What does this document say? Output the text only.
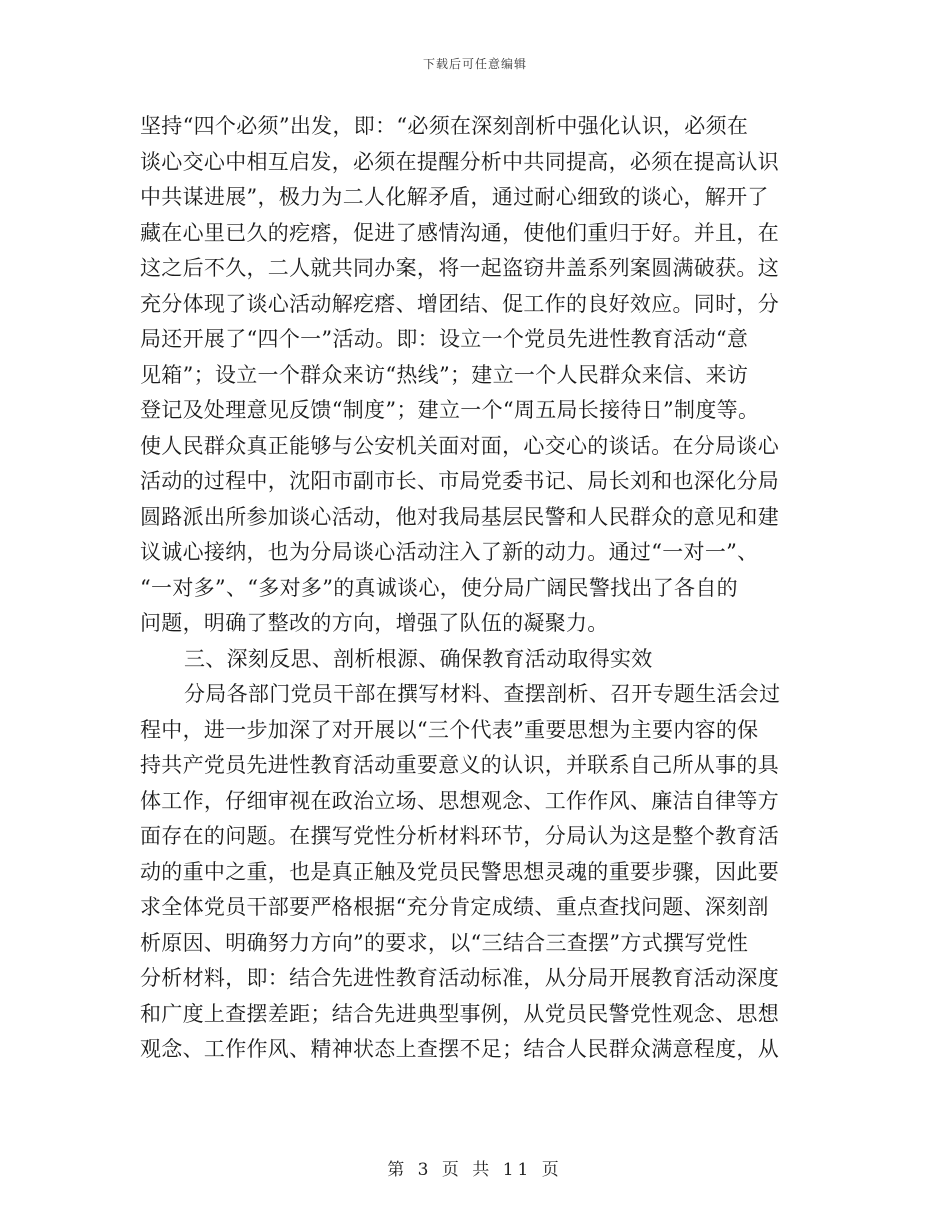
下载后可任意编辑
坚持“四个必须”出发，即：“必须在深刻剖析中强化认识，必须在
谈心交心中相互启发，必须在提醒分析中共同提高，必须在提高认识
中共谋进展”，极力为二人化解矛盾，通过耐心细致的谈心，解开了
藏在心里已久的疙瘩，促进了感情沟通，使他们重归于好。并且，在
这之后不久，二人就共同办案，将一起盗窃井盖系列案圆满破获。这
充分体现了谈心活动解疙瘩、增团结、促工作的良好效应。同时，分
局还开展了“四个一”活动。即：设立一个党员先进性教育活动“意
见箱”；设立一个群众来访“热线”；建立一个人民群众来信、来访
登记及处理意见反馈“制度”；建立一个“周五局长接待日”制度等。
使人民群众真正能够与公安机关面对面，心交心的谈话。在分局谈心
活动的过程中，沈阳市副市长、市局党委书记、局长刘和也深化分局
圆路派出所参加谈心活动，他对我局基层民警和人民群众的意见和建
议诚心接纳，也为分局谈心活动注入了新的动力。通过“一对一”、
“一对多”、“多对多”的真诚谈心，使分局广阔民警找出了各自的
问题，明确了整改的方向，增强了队伍的凝聚力。
三、深刻反思、剖析根源、确保教育活动取得实效
分局各部门党员干部在撰写材料、查摆剖析、召开专题生活会过
程中，进一步加深了对开展以“三个代表”重要思想为主要内容的保
持共产党员先进性教育活动重要意义的认识，并联系自己所从事的具
体工作，仔细审视在政治立场、思想观念、工作作风、廉洁自律等方
面存在的问题。在撰写党性分析材料环节，分局认为这是整个教育活
动的重中之重，也是真正触及党员民警思想灵魂的重要步骤，因此要
求全体党员干部要严格根据“充分肯定成绩、重点查找问题、深刻剖
析原因、明确努力方向”的要求，以“三结合三查摆”方式撰写党性
分析材料，即：结合先进性教育活动标准，从分局开展教育活动深度
和广度上查摆差距；结合先进典型事例，从党员民警党性观念、思想
观念、工作作风、精神状态上查摆不足；结合人民群众满意程度，从
第 3 页 共 11 页
